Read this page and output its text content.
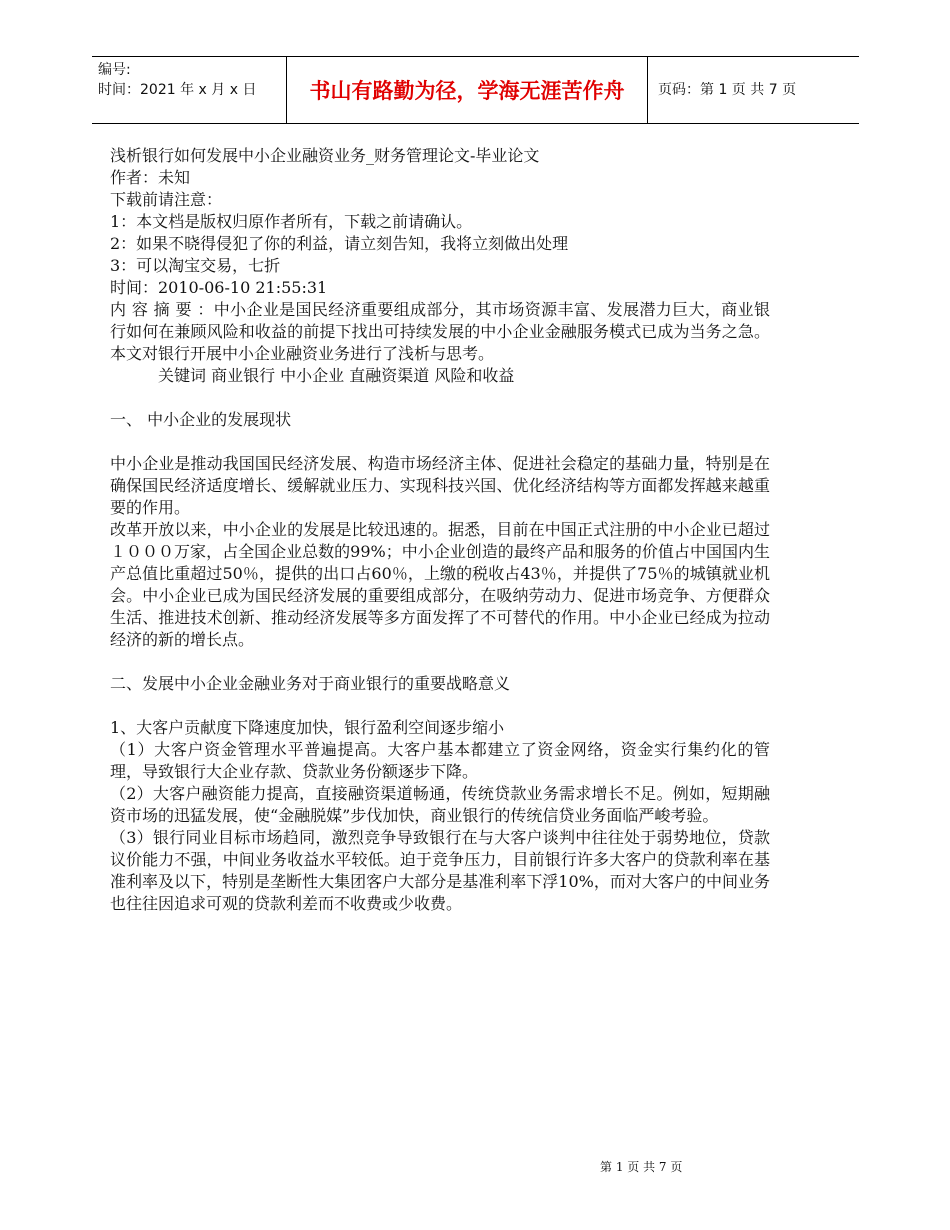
编号:
时间：2021 年 x 月 x 日	书山有路勤为径，学海无涯苦作舟	页码：第 1 页 共 7 页

浅析银行如何发展中小企业融资业务_财务管理论文-毕业论文

作者：未知

下载前请注意：

1：本文档是版权归原作者所有，下载之前请确认。

2：如果不晓得侵犯了你的利益，请立刻告知，我将立刻做出处理

3：可以淘宝交易，七折

时间：2010-06-10 21:55:31

内 容 摘 要 ：中小企业是国民经济重要组成部分，其市场资源丰富、发展潜力巨大，商业银行如何在兼顾风险和收益的前提下找出可持续发展的中小企业金融服务模式已成为当务之急。本文对银行开展中小企业融资业务进行了浅析与思考。

关键词 商业银行 中小企业 直融资渠道 风险和收益

一、 中小企业的发展现状

中小企业是推动我国国民经济发展、构造市场经济主体、促进社会稳定的基础力量，特别是在确保国民经济适度增长、缓解就业压力、实现科技兴国、优化经济结构等方面都发挥越来越重要的作用。

改革开放以来，中小企业的发展是比较迅速的。据悉，目前在中国正式注册的中小企业已超过１０００万家，占全国企业总数的99%；中小企业创造的最终产品和服务的价值占中国国内生产总值比重超过50％，提供的出口占60％，上缴的税收占43％，并提供了75％的城镇就业机会。中小企业已成为国民经济发展的重要组成部分，在吸纳劳动力、促进市场竞争、方便群众生活、推进技术创新、推动经济发展等多方面发挥了不可替代的作用。中小企业已经成为拉动经济的新的增长点。

二、发展中小企业金融业务对于商业银行的重要战略意义

1、大客户贡献度下降速度加快，银行盈利空间逐步缩小

（1）大客户资金管理水平普遍提高。大客户基本都建立了资金网络，资金实行集约化的管理，导致银行大企业存款、贷款业务份额逐步下降。

（2）大客户融资能力提高，直接融资渠道畅通，传统贷款业务需求增长不足。例如，短期融资市场的迅猛发展，使“金融脱媒”步伐加快，商业银行的传统信贷业务面临严峻考验。

（3）银行同业目标市场趋同，激烈竞争导致银行在与大客户谈判中往往处于弱势地位，贷款议价能力不强，中间业务收益水平较低。迫于竞争压力，目前银行许多大客户的贷款利率在基准利率及以下，特别是垄断性大集团客户大部分是基准利率下浮10%，而对大客户的中间业务也往往因追求可观的贷款利差而不收费或少收费。

第 1 页 共 7 页
